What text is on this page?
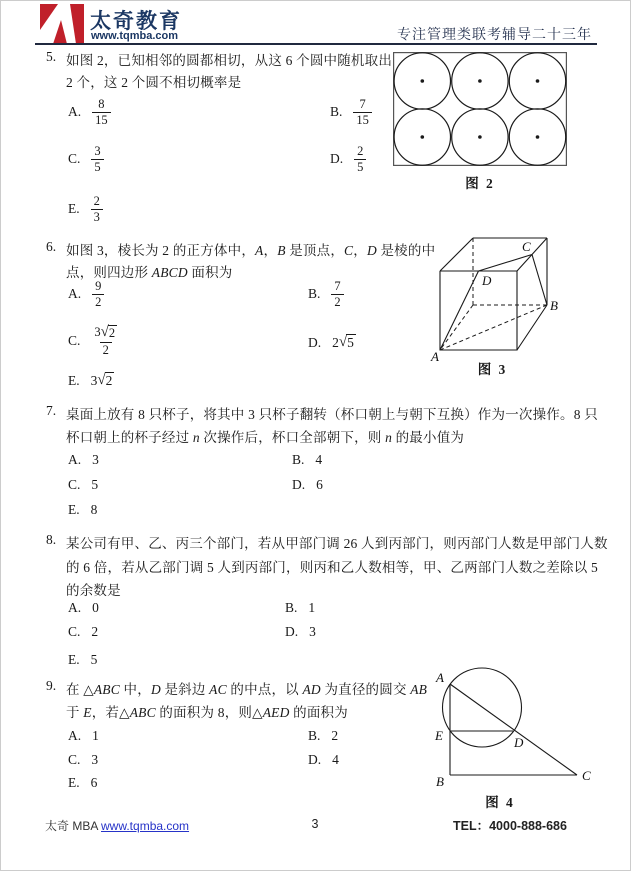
太奇教育
www.tqmba.com	专注管理类联考辅导二十三年
5. 如图 2，已知相邻的圆都相切，从这 6 个圆中随机取出
2 个，这 2 个圆不相切概率是
A. $\frac{8}{15}$	B. $\frac{7}{15}$
C. $\frac{3}{5}$	D. $\frac{2}{5}$
E. $\frac{2}{3}$
图 2
6. 如图 3，棱长为 2 的正方体中，A，B 是顶点，C，D 是棱的中
点，则四边形 ABCD 面积为
A. $\frac{9}{2}$	B. $\frac{7}{2}$
C. $\frac{3 √ 2}{2}$	D. 2 √ 5
E. 3 √ 2
A
B
C
D
图 3
7. 桌面上放有 8 只杯子，将其中 3 只杯子翻转（杯口朝上与朝下互换）作为一次操作。8 只
杯口朝上的杯子经过 n 次操作后，杯口全部朝下，则 n 的最小值为
A. 3	B. 4
C. 5	D. 6
E. 8
8. 某公司有甲、乙、丙三个部门，若从甲部门调 26 人到丙部门，则丙部门人数是甲部门人数
的 6 倍，若从乙部门调 5 人到丙部门，则丙和乙人数相等，甲、乙两部门人数之差除以 5
的余数是
A. 0	B. 1
C. 2	D. 3
E. 5
9. 在 △ABC 中，D 是斜边 AC 的中点，以 AD 为直径的圆交 AB
于 E，若△ABC 的面积为 8，则△AED 的面积为
A. 1	B. 2
C. 3	D. 4
E. 6
A
E	D
B	C
图 4
太奇 MBA www.tqmba.com	3	TEL：4000-888-686
